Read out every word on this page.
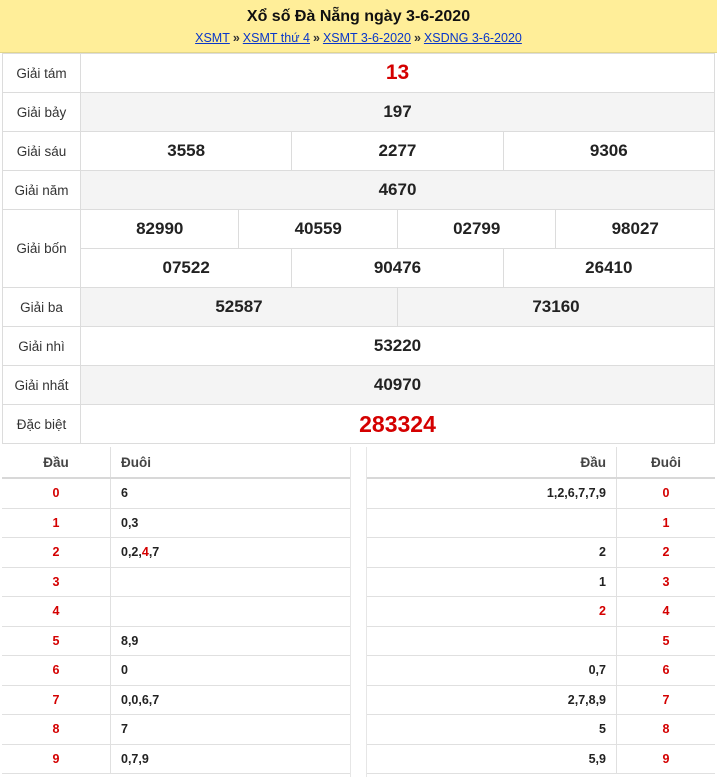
Xổ số Đà Nẵng ngày 3-6-2020
XSMT » XSMT thứ 4 » XSMT 3-6-2020 » XSDNG 3-6-2020
Giải tám	13					
Giải bảy	197					
Giải sáu	3558		2277		9306	
Giải năm	4670					
Giải bốn	82990	40559		02799		98027
	07522		90476		26410	
Giải ba	52587			73160		
Giải nhì	53220					
Giải nhất	40970					
Đặc biệt	283324					
Đầu	Đuôi
0	6
1	0,3
2	0,2,4,7
3	
4	
5	8,9
6	0
7	0,0,6,7
8	7
9	0,7,9
Đầu	Đuôi
1,2,6,7,7,9	0
	1
2	2
1	3
2	4
	5
0,7	6
2,7,8,9	7
5	8
5,9	9
